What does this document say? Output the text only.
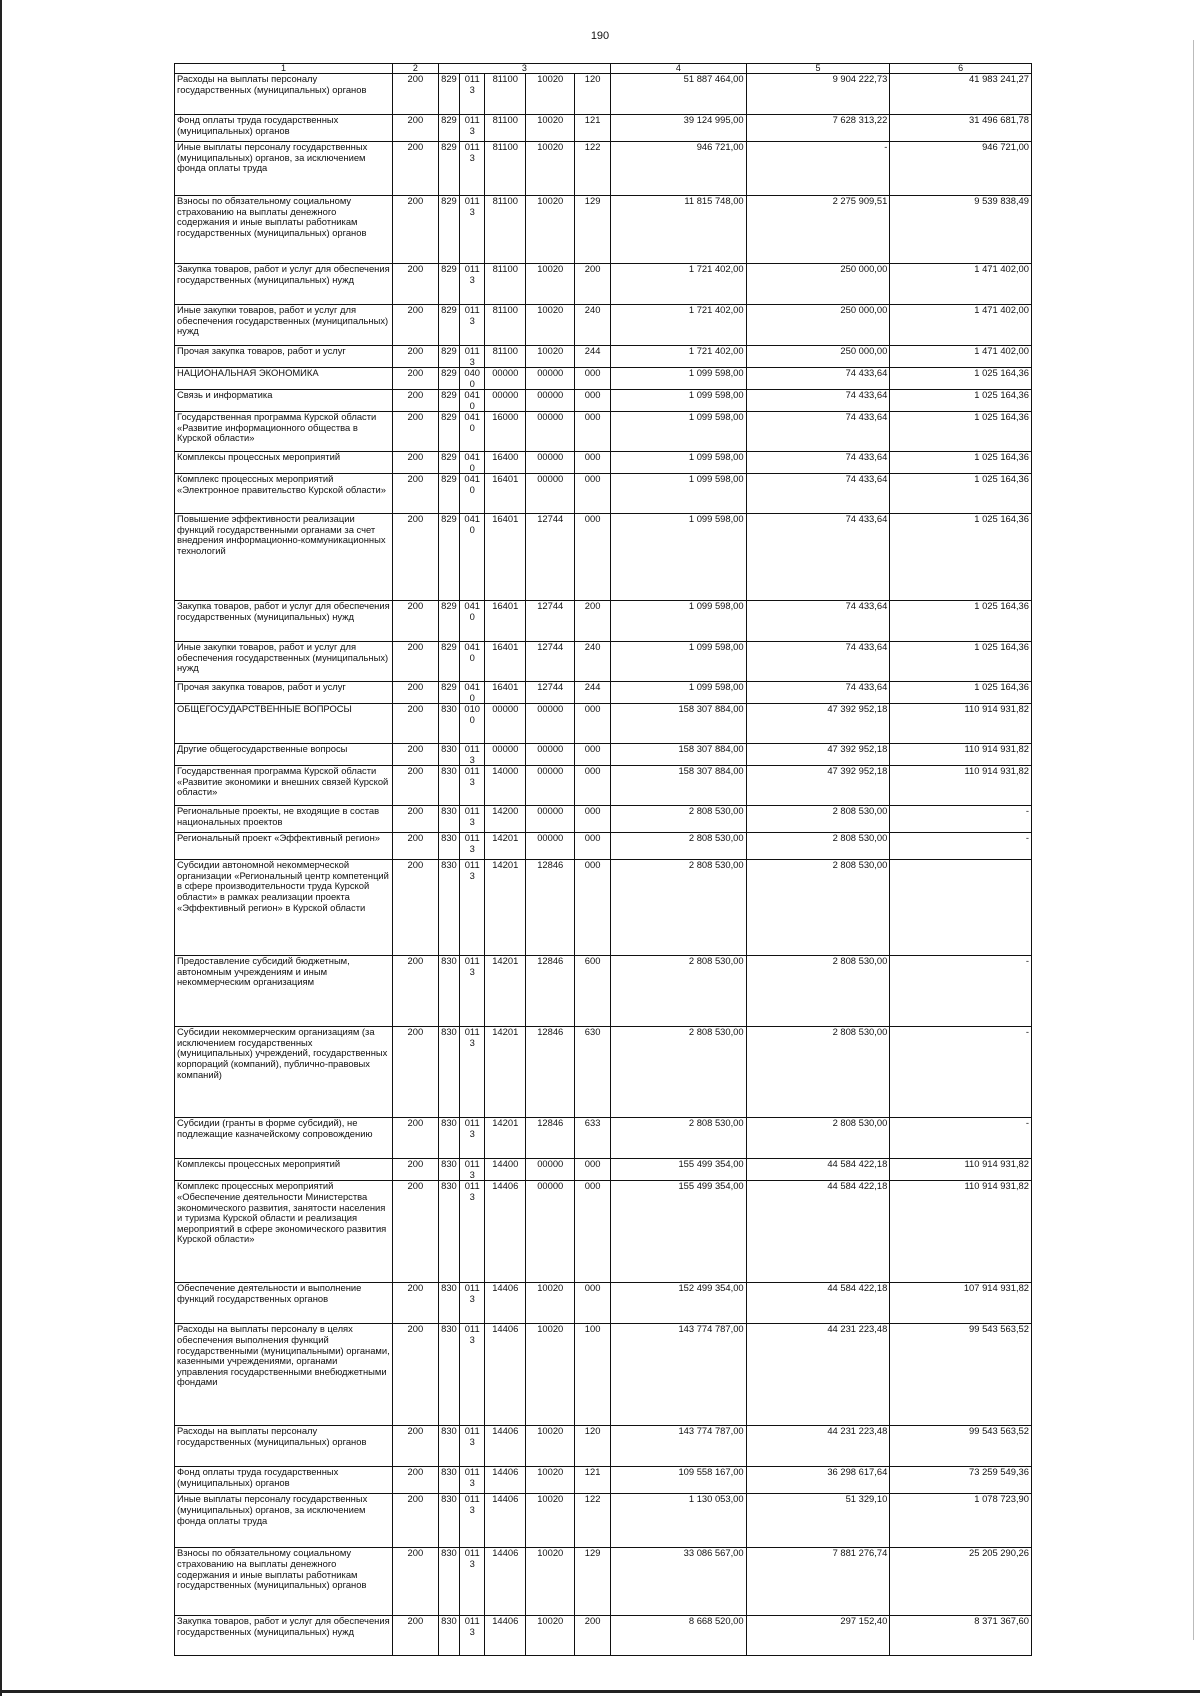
190
1	2	3					4	5	6
Расходы на выплаты персоналу государственных (муниципальных) органов	200	829	0113	81100	10020	120	51 887 464,00	9 904 222,73	41 983 241,27
Фонд оплаты труда государственных (муниципальных) органов	200	829	0113	81100	10020	121	39 124 995,00	7 628 313,22	31 496 681,78
Иные выплаты персоналу государственных (муниципальных) органов, за исключением фонда оплаты труда	200	829	0113	81100	10020	122	946 721,00	-	946 721,00
Взносы по обязательному социальному страхованию на выплаты денежного содержания и иные выплаты работникам государственных (муниципальных) органов	200	829	0113	81100	10020	129	11 815 748,00	2 275 909,51	9 539 838,49
Закупка товаров, работ и услуг для обеспечения государственных (муниципальных) нужд	200	829	0113	81100	10020	200	1 721 402,00	250 000,00	1 471 402,00
Иные закупки товаров, работ и услуг для обеспечения государственных (муниципальных) нужд	200	829	0113	81100	10020	240	1 721 402,00	250 000,00	1 471 402,00
Прочая закупка товаров, работ и услуг	200	829	0113	81100	10020	244	1 721 402,00	250 000,00	1 471 402,00
НАЦИОНАЛЬНАЯ ЭКОНОМИКА	200	829	0400	00000	00000	000	1 099 598,00	74 433,64	1 025 164,36
Связь и информатика	200	829	0410	00000	00000	000	1 099 598,00	74 433,64	1 025 164,36
Государственная программа Курской области «Развитие информационного общества в Курской области»	200	829	0410	16000	00000	000	1 099 598,00	74 433,64	1 025 164,36
Комплексы процессных мероприятий	200	829	0410	16400	00000	000	1 099 598,00	74 433,64	1 025 164,36
Комплекс процессных мероприятий «Электронное правительство Курской области»	200	829	0410	16401	00000	000	1 099 598,00	74 433,64	1 025 164,36
Повышение эффективности реализации функций государственными органами за счет внедрения информационно-коммуникационных технологий	200	829	0410	16401	12744	000	1 099 598,00	74 433,64	1 025 164,36
Закупка товаров, работ и услуг для обеспечения государственных (муниципальных) нужд	200	829	0410	16401	12744	200	1 099 598,00	74 433,64	1 025 164,36
Иные закупки товаров, работ и услуг для обеспечения государственных (муниципальных) нужд	200	829	0410	16401	12744	240	1 099 598,00	74 433,64	1 025 164,36
Прочая закупка товаров, работ и услуг	200	829	0410	16401	12744	244	1 099 598,00	74 433,64	1 025 164,36
ОБЩЕГОСУДАРСТВЕННЫЕ ВОПРОСЫ	200	830	0100	00000	00000	000	158 307 884,00	47 392 952,18	110 914 931,82
Другие общегосударственные вопросы	200	830	0113	00000	00000	000	158 307 884,00	47 392 952,18	110 914 931,82
Государственная программа Курской области «Развитие экономики и внешних связей Курской области»	200	830	0113	14000	00000	000	158 307 884,00	47 392 952,18	110 914 931,82
Региональные проекты, не входящие в состав национальных проектов	200	830	0113	14200	00000	000	2 808 530,00	2 808 530,00	-
Региональный проект «Эффективный регион»	200	830	0113	14201	00000	000	2 808 530,00	2 808 530,00	-
Субсидии автономной некоммерческой организации «Региональный центр компетенций в сфере производительности труда Курской области» в рамках реализации проекта «Эффективный регион» в Курской области	200	830	0113	14201	12846	000	2 808 530,00	2 808 530,00	
Предоставление субсидий бюджетным, автономным учреждениям и иным некоммерческим организациям	200	830	0113	14201	12846	600	2 808 530,00	2 808 530,00	-
Субсидии некоммерческим организациям (за исключением государственных (муниципальных) учреждений, государственных корпораций (компаний), публично-правовых компаний)	200	830	0113	14201	12846	630	2 808 530,00	2 808 530,00	-
Субсидии (гранты в форме субсидий), не подлежащие казначейскому сопровождению	200	830	0113	14201	12846	633	2 808 530,00	2 808 530,00	-
Комплексы процессных мероприятий	200	830	0113	14400	00000	000	155 499 354,00	44 584 422,18	110 914 931,82
Комплекс процессных мероприятий «Обеспечение деятельности Министерства экономического развития, занятости населения и туризма Курской области и реализация мероприятий в сфере экономического развития Курской области»	200	830	0113	14406	00000	000	155 499 354,00	44 584 422,18	110 914 931,82
Обеспечение деятельности и выполнение функций государственных органов	200	830	0113	14406	10020	000	152 499 354,00	44 584 422,18	107 914 931,82
Расходы на выплаты персоналу в целях обеспечения выполнения функций государственными (муниципальными) органами, казенными учреждениями, органами управления государственными внебюджетными фондами	200	830	0113	14406	10020	100	143 774 787,00	44 231 223,48	99 543 563,52
Расходы на выплаты персоналу государственных (муниципальных) органов	200	830	0113	14406	10020	120	143 774 787,00	44 231 223,48	99 543 563,52
Фонд оплаты труда государственных (муниципальных) органов	200	830	0113	14406	10020	121	109 558 167,00	36 298 617,64	73 259 549,36
Иные выплаты персоналу государственных (муниципальных) органов, за исключением фонда оплаты труда	200	830	0113	14406	10020	122	1 130 053,00	51 329,10	1 078 723,90
Взносы по обязательному социальному страхованию на выплаты денежного содержания и иные выплаты работникам государственных (муниципальных) органов	200	830	0113	14406	10020	129	33 086 567,00	7 881 276,74	25 205 290,26
Закупка товаров, работ и услуг для обеспечения государственных (муниципальных) нужд	200	830	0113	14406	10020	200	8 668 520,00	297 152,40	8 371 367,60
